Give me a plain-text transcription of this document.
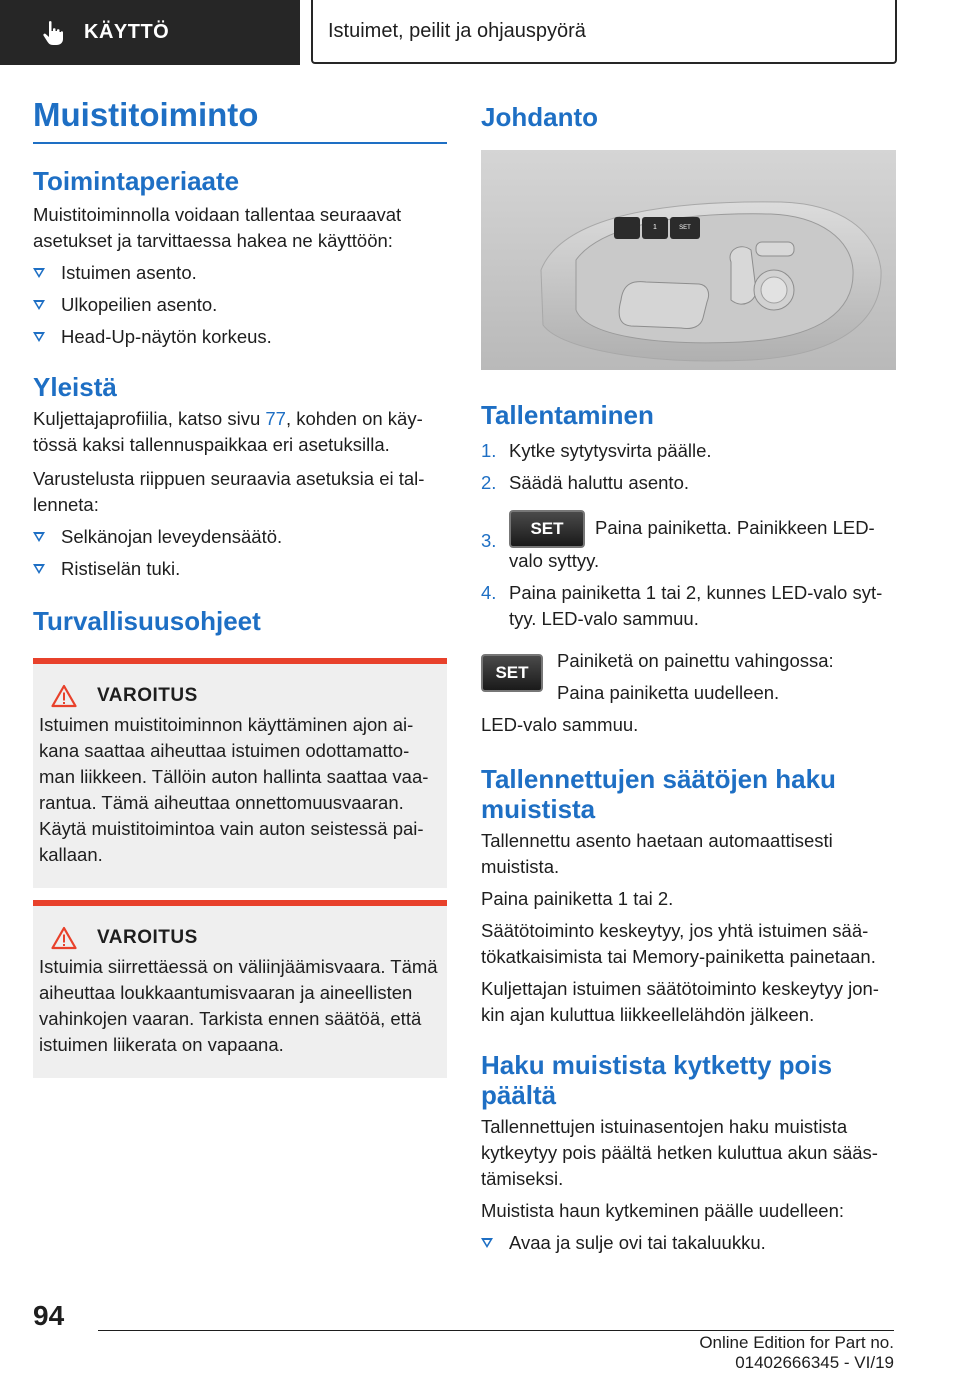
KÄYTTÖ	Istuimet, peilit ja ohjauspyörä
Muistitoiminto
Toimintaperiaate

Muistitoiminnolla voidaan tallentaa seuraavat asetukset ja tarvittaessa hakea ne käyttöön:

Istuimen asento.
Ulkopeilien asento.
Head-Up-näytön korkeus.
Yleistä

Kuljettajaprofiilia, katso sivu 77, kohden on käytössä kaksi tallennuspaikkaa eri asetuksilla.

Varustelusta riippuen seuraavia asetuksia ei tallenneta:

Selkänojan leveydensäätö.
Ristiselän tuki.
Turvallisuusohjeet
VAROITUS

Istuimen muistitoiminnon käyttäminen ajon aikana saattaa aiheuttaa istuimen odottamattoman liikkeen. Tällöin auton hallinta saattaa vaarantua. Tämä aiheuttaa onnettomuusvaaran. Käytä muistitoimintoa vain auton seistessä paikallaan.

VAROITUS

Istuimia siirrettäessä on väliinjäämisvaara. Tämä aiheuttaa loukkaantumisvaaran ja aineellisten vahinkojen vaaran. Tarkista ennen säätöä, että istuimen liikerata on vapaana.

Johdanto
1	SET
Tallentaminen
1. Kytke sytytysvirta päälle.
2. Säädä haluttu asento.
3.
SET Paina painiketta. Painikkeen LED-valo syttyy.
4. Paina painiketta 1 tai 2, kunnes LED-valo syttyy. LED-valo sammuu.
SET

Painiketä on painettu vahingossa:

Paina painiketta uudelleen.

LED-valo sammuu.

Tallennettujen säätöjen haku muistista

Tallennettu asento haetaan automaattisesti muistista.

Paina painiketta 1 tai 2.

Säätötoiminto keskeytyy, jos yhtä istuimen säätökatkaisimista tai Memory-painiketta painetaan.

Kuljettajan istuimen säätötoiminto keskeytyy jonkin ajan kuluttua liikkeellelähdön jälkeen.

Haku muistista kytketty pois päältä

Tallennettujen istuinasentojen haku muistista kytkeytyy pois päältä hetken kuluttua akun säästämiseksi.

Muistista haun kytkeminen päälle uudelleen:

Avaa ja sulje ovi tai takaluukku.
94
Online Edition for Part no. 01402666345 - VI/19
